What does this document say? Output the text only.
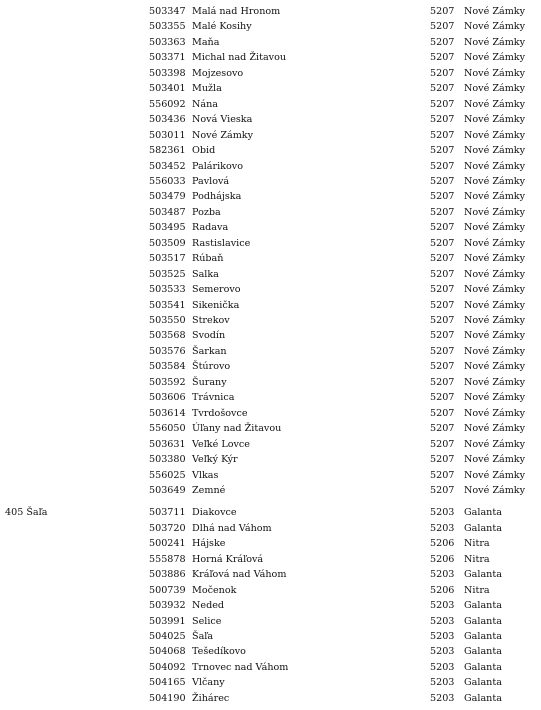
503347 Malá nad Hronom	5207 Nové Zámky
503355 Malé Kosihy	5207 Nové Zámky
503363 Maňa	5207 Nové Zámky
503371 Michal nad Žitavou	5207 Nové Zámky
503398 Mojzesovo	5207 Nové Zámky
503401 Mužla	5207 Nové Zámky
556092 Nána	5207 Nové Zámky
503436 Nová Vieska	5207 Nové Zámky
503011 Nové Zámky	5207 Nové Zámky
582361 Obid	5207 Nové Zámky
503452 Palárikovo	5207 Nové Zámky
556033 Pavlová	5207 Nové Zámky
503479 Podhájska	5207 Nové Zámky
503487 Pozba	5207 Nové Zámky
503495 Radava	5207 Nové Zámky
503509 Rastislavice	5207 Nové Zámky
503517 Rúbaň	5207 Nové Zámky
503525 Salka	5207 Nové Zámky
503533 Semerovo	5207 Nové Zámky
503541 Sikenička	5207 Nové Zámky
503550 Strekov	5207 Nové Zámky
503568 Svodín	5207 Nové Zámky
503576 Šarkan	5207 Nové Zámky
503584 Štúrovo	5207 Nové Zámky
503592 Šurany	5207 Nové Zámky
503606 Trávnica	5207 Nové Zámky
503614 Tvrdošovce	5207 Nové Zámky
556050 Úľany nad Žitavou	5207 Nové Zámky
503631 Veľké Lovce	5207 Nové Zámky
503380 Veľký Kýr	5207 Nové Zámky
556025 Vlkas	5207 Nové Zámky
503649 Zemné	5207 Nové Zámky
405 Šaľa	503711 Diakovce	5203 Galanta
503720 Dlhá nad Váhom	5203 Galanta
500241 Hájske	5206 Nitra
555878 Horná Kráľová	5206 Nitra
503886 Kráľová nad Váhom	5203 Galanta
500739 Močenok	5206 Nitra
503932 Neded	5203 Galanta
503991 Selice	5203 Galanta
504025 Šaľa	5203 Galanta
504068 Tešedíkovo	5203 Galanta
504092 Trnovec nad Váhom	5203 Galanta
504165 Vlčany	5203 Galanta
504190 Žihárec	5203 Galanta
